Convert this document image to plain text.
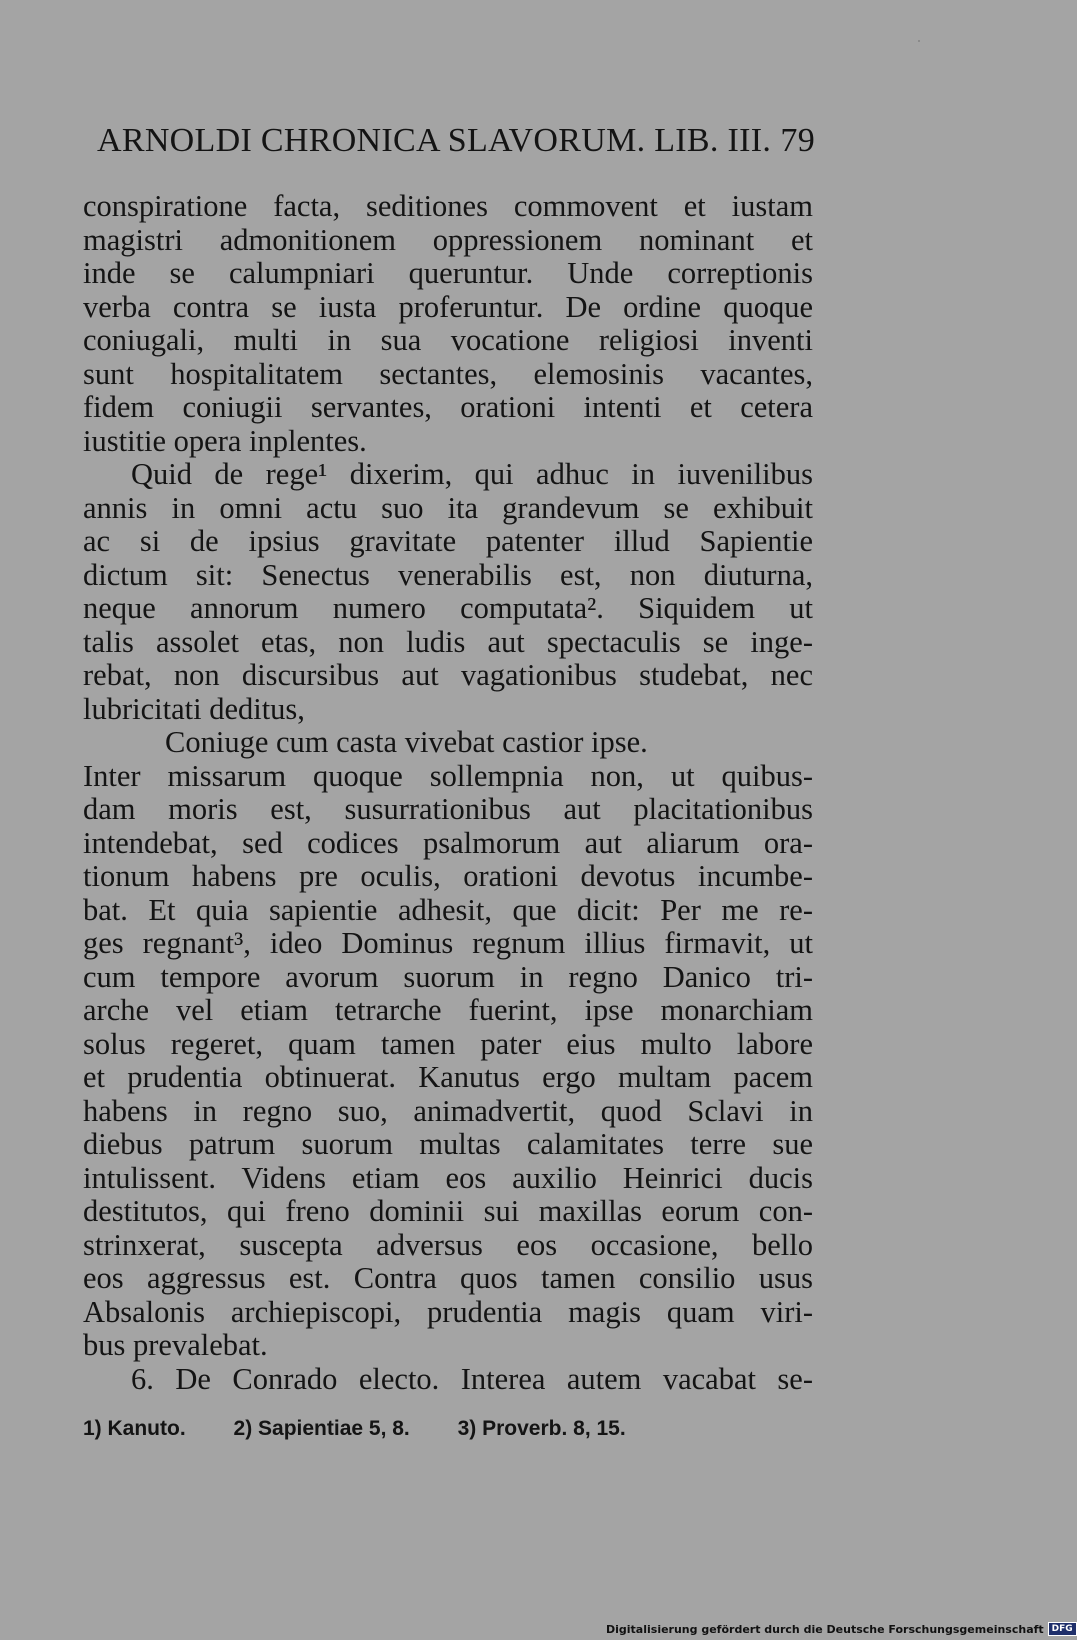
ARNOLDI CHRONICA SLAVORUM. LIB. III. 79
conspiratione facta, seditiones commovent et iustam
magistri admonitionem oppressionem nominant et
inde se calumpniari queruntur. Unde correptionis
verba contra se iusta proferuntur. De ordine quoque
coniugali, multi in sua vocatione religiosi inventi
sunt hospitalitatem sectantes, elemosinis vacantes,
fidem coniugii servantes, orationi intenti et cetera
iustitie opera inplentes.
Quid de rege¹ dixerim, qui adhuc in iuvenilibus
annis in omni actu suo ita grandevum se exhibuit
ac si de ipsius gravitate patenter illud Sapientie
dictum sit: Senectus venerabilis est, non diuturna,
neque annorum numero computata². Siquidem ut
talis assolet etas, non ludis aut spectaculis se inge-
rebat, non discursibus aut vagationibus studebat, nec
lubricitati deditus,
Coniuge cum casta vivebat castior ipse.
Inter missarum quoque sollempnia non, ut quibus-
dam moris est, susurrationibus aut placitationibus
intendebat, sed codices psalmorum aut aliarum ora-
tionum habens pre oculis, orationi devotus incumbe-
bat. Et quia sapientie adhesit, que dicit: Per me re-
ges regnant³, ideo Dominus regnum illius firmavit, ut
cum tempore avorum suorum in regno Danico tri-
arche vel etiam tetrarche fuerint, ipse monarchiam
solus regeret, quam tamen pater eius multo labore
et prudentia obtinuerat. Kanutus ergo multam pacem
habens in regno suo, animadvertit, quod Sclavi in
diebus patrum suorum multas calamitates terre sue
intulissent. Videns etiam eos auxilio Heinrici ducis
destitutos, qui freno dominii sui maxillas eorum con-
strinxerat, suscepta adversus eos occasione, bello
eos aggressus est. Contra quos tamen consilio usus
Absalonis archiepiscopi, prudentia magis quam viri-
bus prevalebat.
6. De Conrado electo. Interea autem vacabat se-
1) Kanuto. 2) Sapientiae 5, 8. 3) Proverb. 8, 15.
Digitalisierung gefördert durch die Deutsche Forschungsgemeinschaft DFG
